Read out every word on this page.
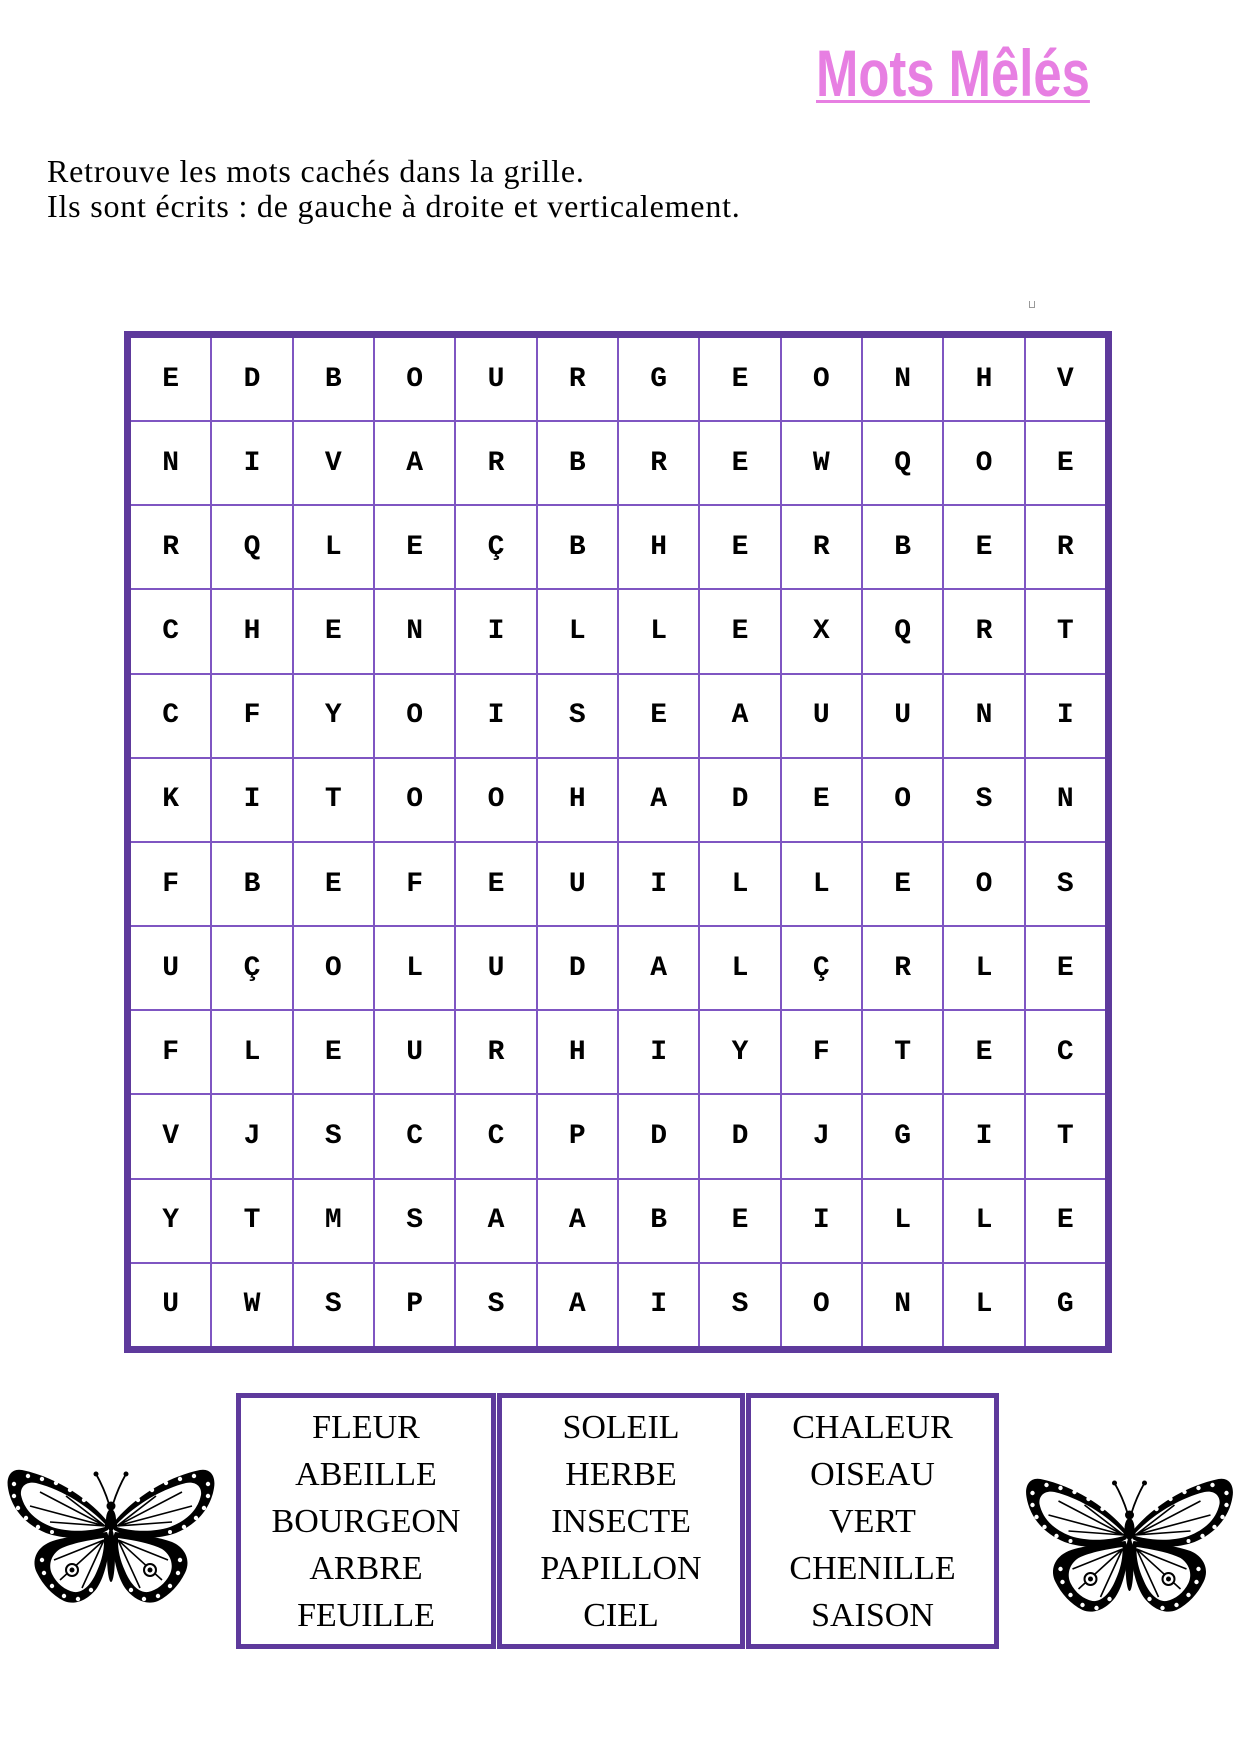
Mots Mêlés
Retrouve les mots cachés dans la grille.
Ils sont écrits : de gauche à droite et verticalement.
E	D	B	O	U	R	G	E	O	N	H	V
N	I	V	A	R	B	R	E	W	Q	O	E
R	Q	L	E	Ç	B	H	E	R	B	E	R
C	H	E	N	I	L	L	E	X	Q	R	T
C	F	Y	O	I	S	E	A	U	U	N	I
K	I	T	O	O	H	A	D	E	O	S	N
F	B	E	F	E	U	I	L	L	E	O	S
U	Ç	O	L	U	D	A	L	Ç	R	L	E
F	L	E	U	R	H	I	Y	F	T	E	C
V	J	S	C	C	P	D	D	J	G	I	T
Y	T	M	S	A	A	B	E	I	L	L	E
U	W	S	P	S	A	I	S	O	N	L	G
FLEUR
ABEILLE
BOURGEON
ARBRE
FEUILLE
SOLEIL
HERBE
INSECTE
PAPILLON
CIEL
CHALEUR
OISEAU
VERT
CHENILLE
SAISON
